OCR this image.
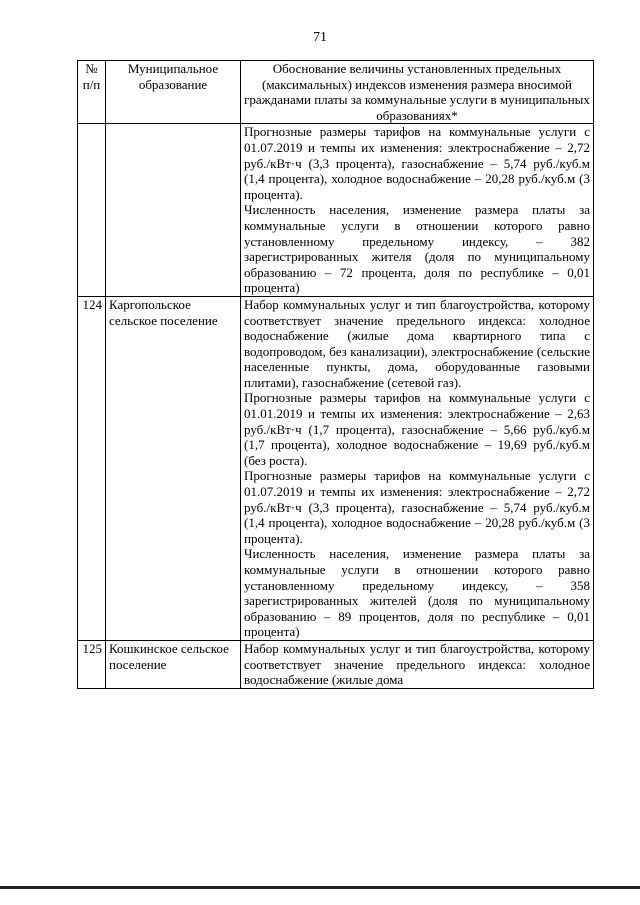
71
№ п/п	Муниципальное образование	Обоснование величины установленных предельных (максимальных) индексов изменения размера вносимой гражданами платы за коммунальные услуги в муниципальных образованиях*

		Прогнозные размеры тарифов на коммунальные услуги с 01.07.2019 и темпы их изменения: электроснабжение – 2,72 руб./кВт·ч (3,3 процента), газоснабжение – 5,74 руб./куб.м (1,4 процента), холодное водоснабжение – 20,28 руб./куб.м (3 процента).

Численность населения, изменение размера платы за коммунальные услуги в отношении которого равно установленному предельному индексу, – 382 зарегистрированных жителя (доля по муниципальному образованию – 72 процента, доля по республике – 0,01 процента)

124	Каргопольское сельское поселение	Набор коммунальных услуг и тип благоустройства, которому соответствует значение предельного индекса: холодное водоснабжение (жилые дома квартирного типа с водопроводом, без канализации), электроснабжение (сельские населенные пункты, дома, оборудованные газовыми плитами), газоснабжение (сетевой газ).

Прогнозные размеры тарифов на коммунальные услуги с 01.01.2019 и темпы их изменения: электроснабжение – 2,63 руб./кВт·ч (1,7 процента), газоснабжение – 5,66 руб./куб.м (1,7 процента), холодное водоснабжение – 19,69 руб./куб.м (без роста).

Прогнозные размеры тарифов на коммунальные услуги с 01.07.2019 и темпы их изменения: электроснабжение – 2,72 руб./кВт·ч (3,3 процента), газоснабжение – 5,74 руб./куб.м (1,4 процента), холодное водоснабжение – 20,28 руб./куб.м (3 процента).

Численность населения, изменение размера платы за коммунальные услуги в отношении которого равно установленному предельному индексу, – 358 зарегистрированных жителей (доля по муниципальному образованию – 89 процентов, доля по республике – 0,01 процента)

125	Кошкинское сельское поселение	Набор коммунальных услуг и тип благоустройства, которому соответствует значение предельного индекса: холодное водоснабжение (жилые дома
